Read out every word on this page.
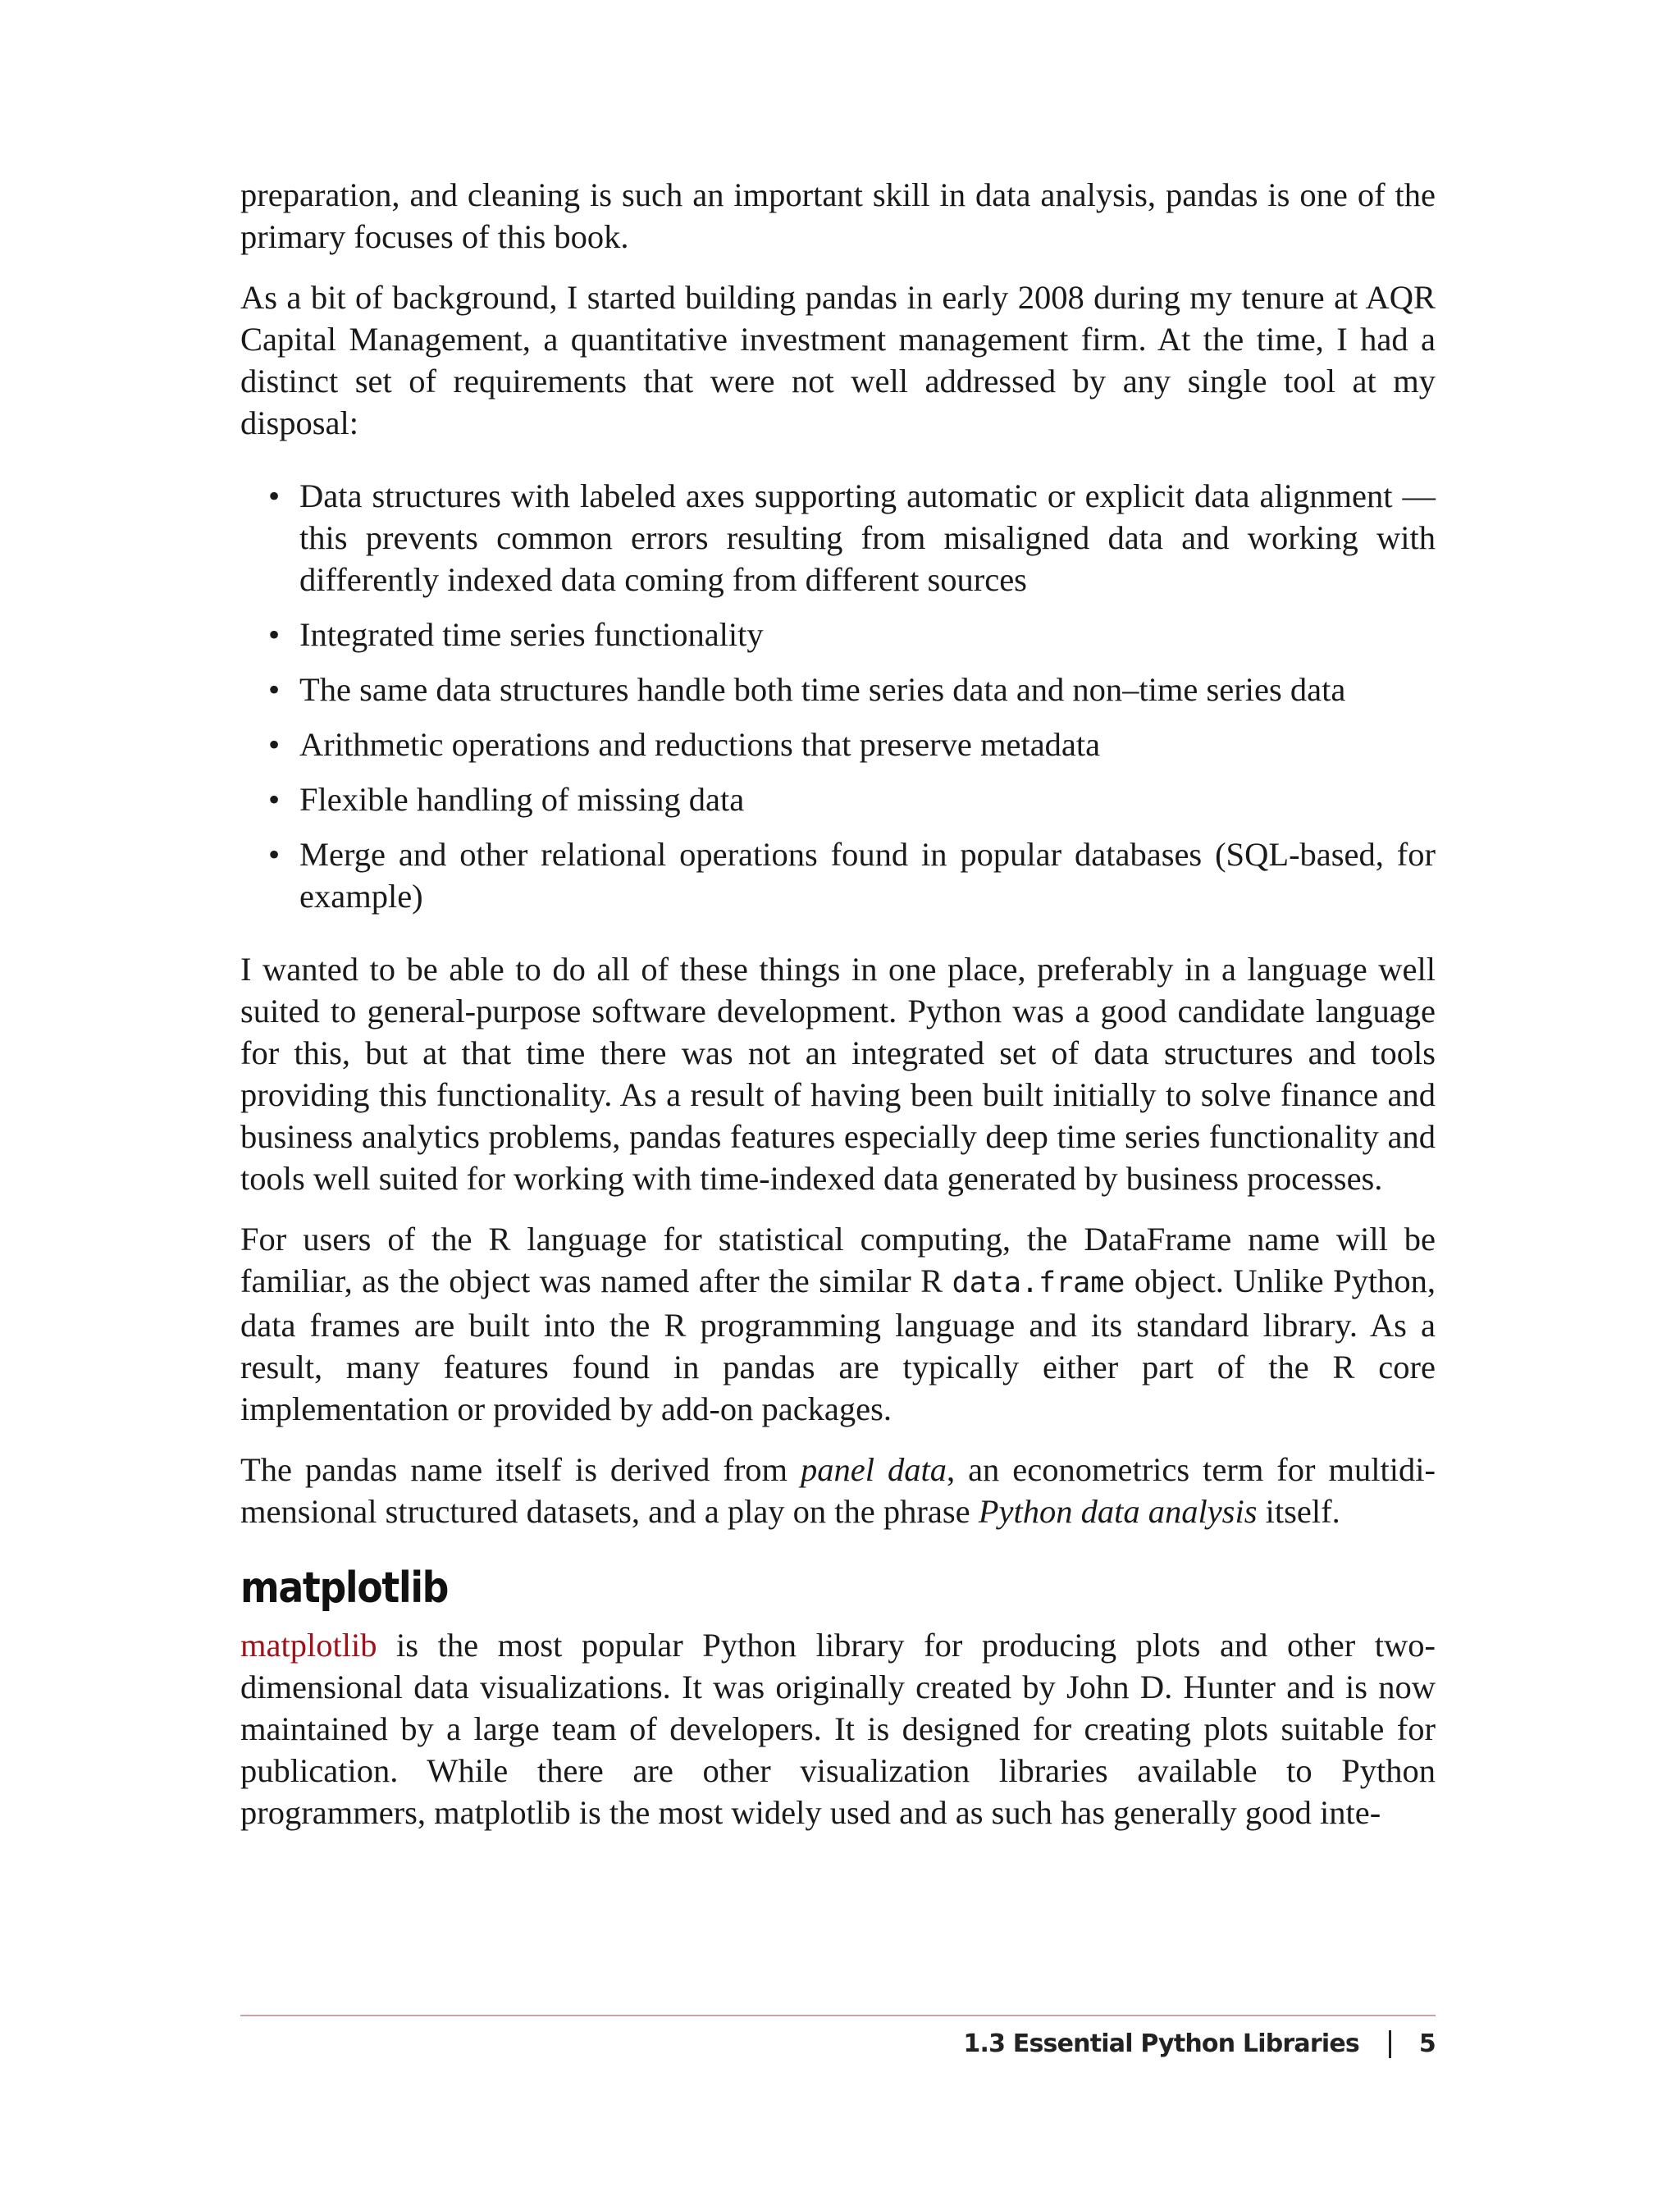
preparation, and cleaning is such an important skill in data analysis, pandas is one of the primary focuses of this book.

As a bit of background, I started building pandas in early 2008 during my tenure at AQR Capital Management, a quantitative investment management firm. At the time, I had a distinct set of requirements that were not well addressed by any single tool at my disposal:

• Data structures with labeled axes supporting automatic or explicit data alignment —this prevents common errors resulting from misaligned data and working with differently indexed data coming from different sources
• Integrated time series functionality
• The same data structures handle both time series data and non–time series data
• Arithmetic operations and reductions that preserve metadata
• Flexible handling of missing data
• Merge and other relational operations found in popular databases (SQL-based, for example)

I wanted to be able to do all of these things in one place, preferably in a language well suited to general-purpose software development. Python was a good candidate language for this, but at that time there was not an integrated set of data structures and tools providing this functionality. As a result of having been built initially to solve finance and business analytics problems, pandas features especially deep time series functionality and tools well suited for working with time-indexed data generated by business processes.

For users of the R language for statistical computing, the DataFrame name will be familiar, as the object was named after the similar R data.frame object. Unlike Python, data frames are built into the R programming language and its standard library. As a result, many features found in pandas are typically either part of the R core implementation or provided by add-on packages.

The pandas name itself is derived from panel data, an econometrics term for multidimensional structured datasets, and a play on the phrase Python data analysis itself.

matplotlib

matplotlib is the most popular Python library for producing plots and other two-dimensional data visualizations. It was originally created by John D. Hunter and is now maintained by a large team of developers. It is designed for creating plots suitable for publication. While there are other visualization libraries available to Python programmers, matplotlib is the most widely used and as such has generally good inte-

1.3 Essential Python Libraries 5
